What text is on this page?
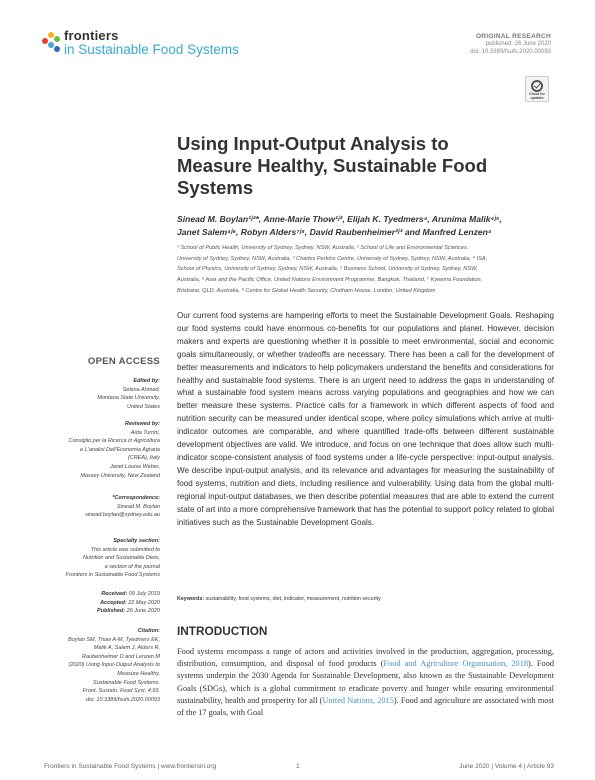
frontiers
in Sustainable Food Systems
ORIGINAL RESEARCH
published: 26 June 2020
doi: 10.3389/fsufs.2020.00093
Check for
updates
Using Input-Output Analysis to
Measure Healthy, Sustainable Food
Systems
Sinead M. Boylan¹ʲ³*, Anne-Marie Thow¹ʲ³, Elijah K. Tyedmers⁴, Arunima Malik⁴ʲ⁵,
Janet Salem⁴ʲ⁶, Robyn Alders⁷ʲ⁸, David Raubenheimer²ʲ³ and Manfred Lenzen⁴
¹ School of Public Health, University of Sydney, Sydney, NSW, Australia, ² School of Life and Environmental Sciences,
University of Sydney, Sydney, NSW, Australia, ³ Charles Perkins Centre, University of Sydney, Sydney, NSW, Australia, ⁴ ISA,
School of Physics, University of Sydney, Sydney, NSW, Australia, ⁵ Business School, University of Sydney, Sydney, NSW,
Australia, ⁶ Asia and the Pacific Office, United Nations Environment Programme, Bangkok, Thailand, ⁷ Kyeema Foundation,
Brisbane, QLD, Australia, ⁸ Centre for Global Health Security, Chatham House, London, United Kingdom
OPEN ACCESS
Edited by:
Selena Ahmed,
Montana State University,
United States
Reviewed by:
Aida Turrini,
Consiglio per la Ricerca in Agricoltura
e L'analisi Dell'Economia Agraria
(CREA), Italy
Janet Louise Weber,
Massey University, New Zealand
*Correspondence:
Sinead M. Boylan
sinead.boylan@sydney.edu.au
Specialty section:
This article was submitted to
Nutrition and Sustainable Diets,
a section of the journal
Frontiers in Sustainable Food Systems
Received: 09 July 2019
Accepted: 22 May 2020
Published: 26 June 2020
Citation:
Boylan SM, Thow A-M, Tyedmers EK,
Malik A, Salem J, Alders R,
Raubenheimer D and Lenzen M
(2020) Using Input-Output Analysis to
Measure Healthy,
Sustainable Food Systems.
Front. Sustain. Food Syst. 4:93.
doi: 10.3389/fsufs.2020.00093
Our current food systems are hampering efforts to meet the Sustainable Development Goals. Reshaping our food systems could have enormous co-benefits for our populations and planet. However, decision makers and experts are questioning whether it is possible to meet environmental, social and economic goals simultaneously, or whether tradeoffs are necessary. There has been a call for the development of better measurements and indicators to help policymakers understand the benefits and considerations for healthy and sustainable food systems. There is an urgent need to address the gaps in understanding of what a sustainable food system means across varying populations and geographies and how we can better measure these systems. Practice calls for a framework in which different aspects of food and nutrition security can be measured under identical scope, where policy simulations which arrive at multi-indicator outcomes are comparable, and where quantified trade-offs between different sustainable development objectives are valid. We introduce, and focus on one technique that does allow such multi-indicator scope-consistent analysis of food systems under a life-cycle perspective: input-output analysis. We describe input-output analysis, and its relevance and advantages for measuring the sustainability of food systems, nutrition and diets, including resilience and vulnerability. Using data from the global multi-regional input-output databases, we then describe potential measures that are able to extend the current state of art into a more comprehensive framework that has the potential to support policy related to global initiatives such as the Sustainable Development Goals.
Keywords: sustainability, food systems, diet, indicator, measurement, nutrition security
INTRODUCTION
Food systems encompass a range of actors and activities involved in the production, aggregation, processing, distribution, consumption, and disposal of food products (Food and Agriculture Organisation, 2018). Food systems underpin the 2030 Agenda for Sustainable Development, also known as the Sustainable Development Goals (SDGs), which is a global commitment to eradicate poverty and hunger while ensuring environmental sustainability, health and prosperity for all (United Nations, 2015). Food and agriculture are associated with most of the 17 goals, with Goal
Frontiers in Sustainable Food Systems | www.frontiersin.org	1	June 2020 | Volume 4 | Article 93
